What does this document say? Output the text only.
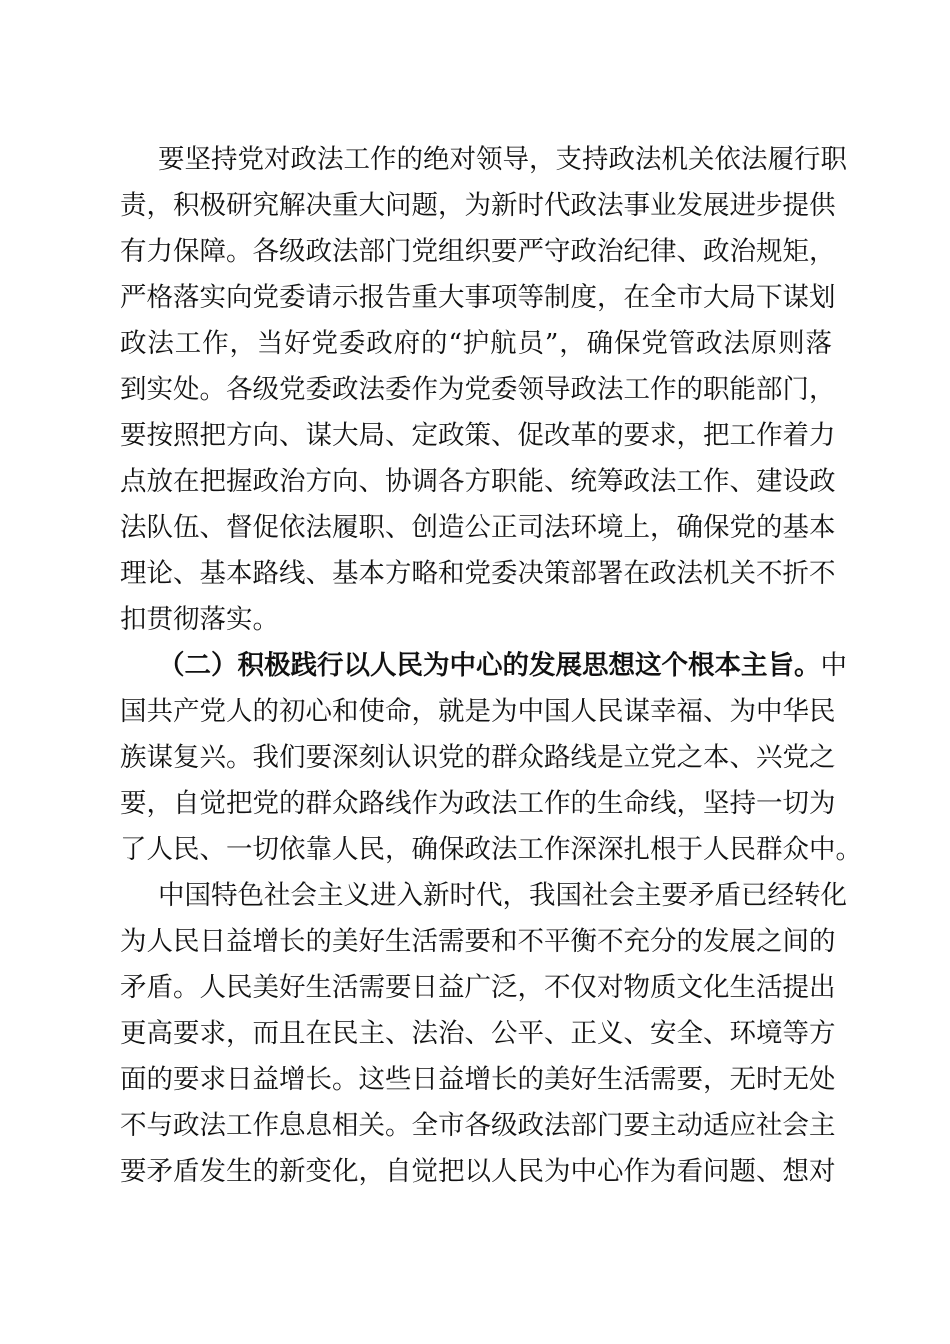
要坚持党对政法工作的绝对领导，支持政法机关依法履行职
责，积极研究解决重大问题，为新时代政法事业发展进步提供
有力保障。各级政法部门党组织要严守政治纪律、政治规矩，
严格落实向党委请示报告重大事项等制度，在全市大局下谋划
政法工作，当好党委政府的“护航员”，确保党管政法原则落
到实处。各级党委政法委作为党委领导政法工作的职能部门，
要按照把方向、谋大局、定政策、促改革的要求，把工作着力
点放在把握政治方向、协调各方职能、统筹政法工作、建设政
法队伍、督促依法履职、创造公正司法环境上，确保党的基本
理论、基本路线、基本方略和党委决策部署在政法机关不折不
扣贯彻落实。
（二）积极践行以人民为中心的发展思想这个根本主旨。中
国共产党人的初心和使命，就是为中国人民谋幸福、为中华民
族谋复兴。我们要深刻认识党的群众路线是立党之本、兴党之
要，自觉把党的群众路线作为政法工作的生命线，坚持一切为
了人民、一切依靠人民，确保政法工作深深扎根于人民群众中。
中国特色社会主义进入新时代，我国社会主要矛盾已经转化
为人民日益增长的美好生活需要和不平衡不充分的发展之间的
矛盾。人民美好生活需要日益广泛，不仅对物质文化生活提出
更高要求，而且在民主、法治、公平、正义、安全、环境等方
面的要求日益增长。这些日益增长的美好生活需要，无时无处
不与政法工作息息相关。全市各级政法部门要主动适应社会主
要矛盾发生的新变化，自觉把以人民为中心作为看问题、想对
